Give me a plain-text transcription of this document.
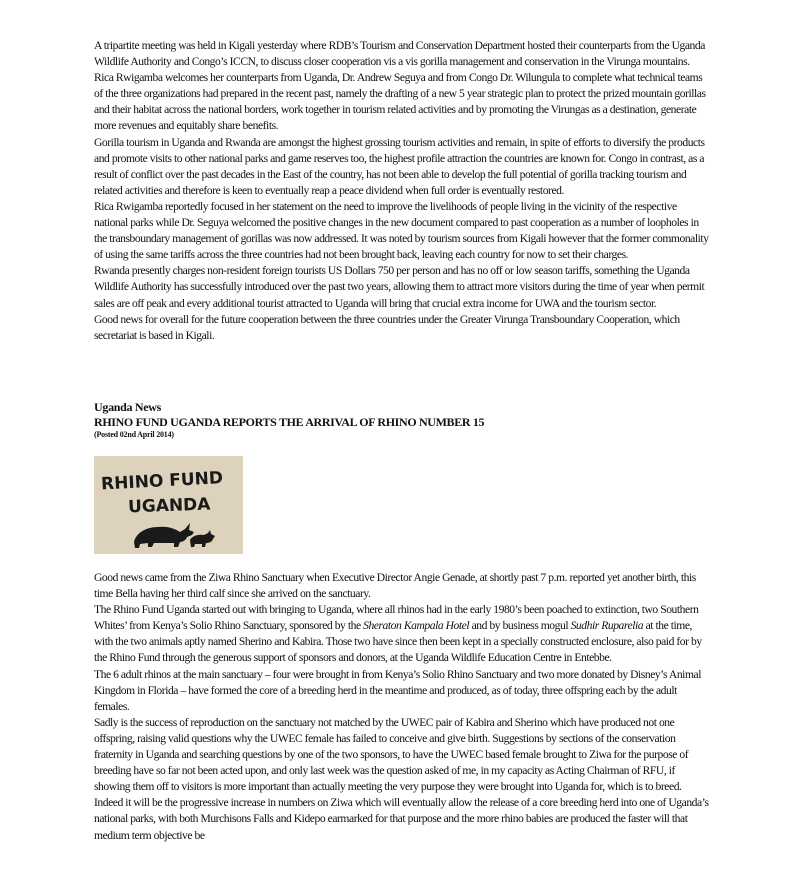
A tripartite meeting was held in Kigali yesterday where RDB’s Tourism and Conservation Department hosted their counterparts from the Uganda Wildlife Authority and Congo’s ICCN, to discuss closer cooperation vis a vis gorilla management and conservation in the Virunga mountains. Rica Rwigamba welcomes her counterparts from Uganda, Dr. Andrew Seguya and from Congo Dr. Wilungula to complete what technical teams of the three organizations had prepared in the recent past, namely the drafting of a new 5 year strategic plan to protect the prized mountain gorillas and their habitat across the national borders, work together in tourism related activities and by promoting the Virungas as a destination, generate more revenues and equitably share benefits.

Gorilla tourism in Uganda and Rwanda are amongst the highest grossing tourism activities and remain, in spite of efforts to diversify the products and promote visits to other national parks and game reserves too, the highest profile attraction the countries are known for. Congo in contrast, as a result of conflict over the past decades in the East of the country, has not been able to develop the full potential of gorilla tracking tourism and related activities and therefore is keen to eventually reap a peace dividend when full order is eventually restored.

Rica Rwigamba reportedly focused in her statement on the need to improve the livelihoods of people living in the vicinity of the respective national parks while Dr. Seguya welcomed the positive changes in the new document compared to past cooperation as a number of loopholes in the transboundary management of gorillas was now addressed. It was noted by tourism sources from Kigali however that the former commonality of using the same tariffs across the three countries had not been brought back, leaving each country for now to set their charges.

Rwanda presently charges non-resident foreign tourists US Dollars 750 per person and has no off or low season tariffs, something the Uganda Wildlife Authority has successfully introduced over the past two years, allowing them to attract more visitors during the time of year when permit sales are off peak and every additional tourist attracted to Uganda will bring that crucial extra income for UWA and the tourism sector.

Good news for overall for the future cooperation between the three countries under the Greater Virunga Transboundary Cooperation, which secretariat is based in Kigali.

Uganda News
RHINO FUND UGANDA REPORTS THE ARRIVAL OF RHINO NUMBER 15
(Posted 02nd April 2014)
RHINO FUND
UGANDA

Good news came from the Ziwa Rhino Sanctuary when Executive Director Angie Genade, at shortly past 7 p.m. reported yet another birth, this time Bella having her third calf since she arrived on the sanctuary.

The Rhino Fund Uganda started out with bringing to Uganda, where all rhinos had in the early 1980’s been poached to extinction, two Southern Whites’ from Kenya’s Solio Rhino Sanctuary, sponsored by the Sheraton Kampala Hotel and by business mogul Sudhir Ruparelia at the time, with the two animals aptly named Sherino and Kabira. Those two have since then been kept in a specially constructed enclosure, also paid for by the Rhino Fund through the generous support of sponsors and donors, at the Uganda Wildlife Education Centre in Entebbe.

The 6 adult rhinos at the main sanctuary – four were brought in from Kenya’s Solio Rhino Sanctuary and two more donated by Disney’s Animal Kingdom in Florida – have formed the core of a breeding herd in the meantime and produced, as of today, three offspring each by the adult females.

Sadly is the success of reproduction on the sanctuary not matched by the UWEC pair of Kabira and Sherino which have produced not one offspring, raising valid questions why the UWEC female has failed to conceive and give birth. Suggestions by sections of the conservation fraternity in Uganda and searching questions by one of the two sponsors, to have the UWEC based female brought to Ziwa for the purpose of breeding have so far not been acted upon, and only last week was the question asked of me, in my capacity as Acting Chairman of RFU, if showing them off to visitors is more important than actually meeting the very purpose they were brought into Uganda for, which is to breed. Indeed it will be the progressive increase in numbers on Ziwa which will eventually allow the release of a core breeding herd into one of Uganda’s national parks, with both Murchisons Falls and Kidepo earmarked for that purpose and the more rhino babies are produced the faster will that medium term objective be
